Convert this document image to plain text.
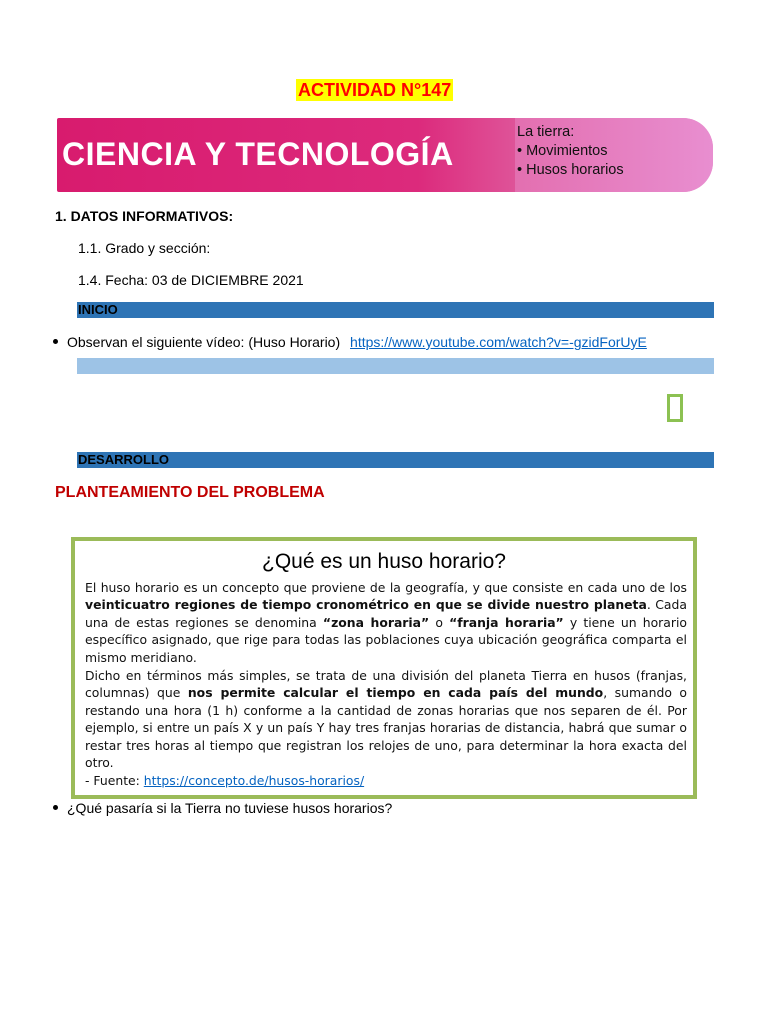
ACTIVIDAD N°147
CIENCIA Y TECNOLOGÍA
La tierra:
• Movimientos
• Husos horarios
1. DATOS INFORMATIVOS:
1.1. Grado y sección:
1.4. Fecha: 03 de DICIEMBRE 2021
INICIO
Observan el siguiente vídeo: (Huso Horario) https://www.youtube.com/watch?v=-gzidForUyE
DESARROLLO
PLANTEAMIENTO DEL PROBLEMA
¿Qué es un huso horario?

El huso horario es un concepto que proviene de la geografía, y que consiste en cada uno de los veinticuatro regiones de tiempo cronométrico en que se divide nuestro planeta. Cada una de estas regiones se denomina “zona horaria” o “franja horaria” y tiene un horario específico asignado, que rige para todas las poblaciones cuya ubicación geográfica comparta el mismo meridiano.

Dicho en términos más simples, se trata de una división del planeta Tierra en husos (franjas, columnas) que nos permite calcular el tiempo en cada país del mundo, sumando o restando una hora (1 h) conforme a la cantidad de zonas horarias que nos separen de él. Por ejemplo, si entre un país X y un país Y hay tres franjas horarias de distancia, habrá que sumar o restar tres horas al tiempo que registran los relojes de uno, para determinar la hora exacta del otro.

- Fuente: https://concepto.de/husos-horarios/

¿Qué pasaría si la Tierra no tuviese husos horarios?
